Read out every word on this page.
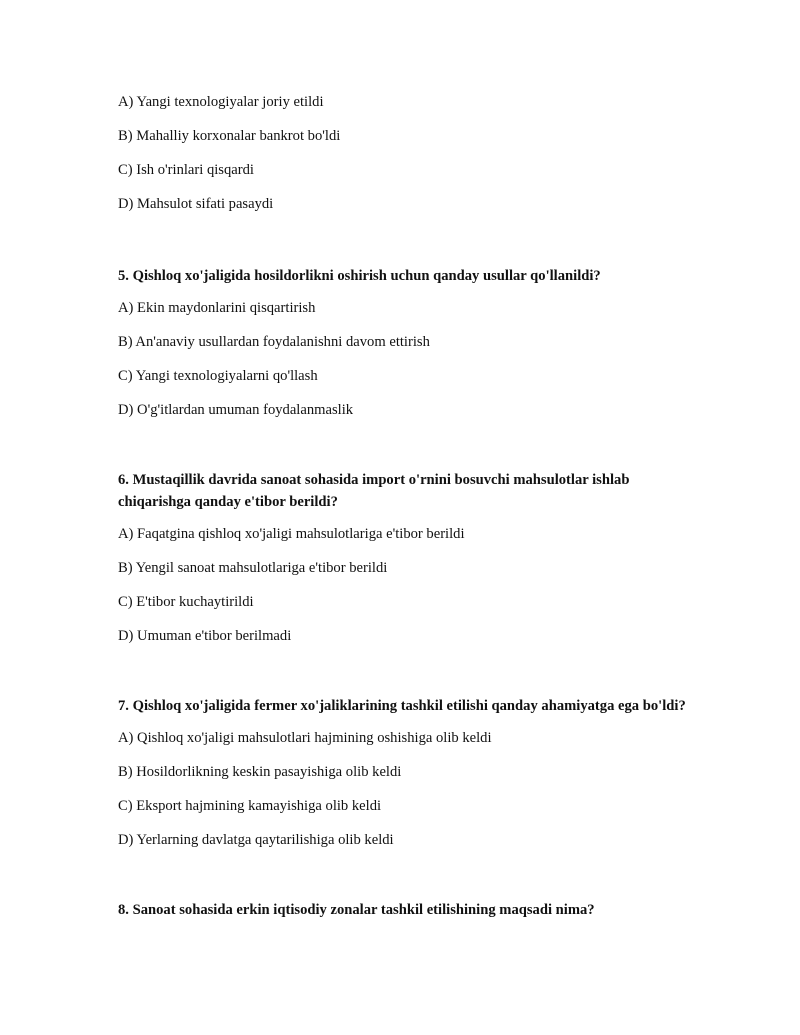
A) Yangi texnologiyalar joriy etildi

B) Mahalliy korxonalar bankrot bo'ldi

C) Ish o'rinlari qisqardi

D) Mahsulot sifati pasaydi

5. Qishloq xo'jaligida hosildorlikni oshirish uchun qanday usullar qo'llanildi?

A) Ekin maydonlarini qisqartirish

B) An'anaviy usullardan foydalanishni davom ettirish

C) Yangi texnologiyalarni qo'llash

D) O'g'itlardan umuman foydalanmaslik

6. Mustaqillik davrida sanoat sohasida import o'rnini bosuvchi mahsulotlar ishlab chiqarishga qanday e'tibor berildi?

A) Faqatgina qishloq xo'jaligi mahsulotlariga e'tibor berildi

B) Yengil sanoat mahsulotlariga e'tibor berildi

C) E'tibor kuchaytirildi

D) Umuman e'tibor berilmadi

7. Qishloq xo'jaligida fermer xo'jaliklarining tashkil etilishi qanday ahamiyatga ega bo'ldi?

A) Qishloq xo'jaligi mahsulotlari hajmining oshishiga olib keldi

B) Hosildorlikning keskin pasayishiga olib keldi

C) Eksport hajmining kamayishiga olib keldi

D) Yerlarning davlatga qaytarilishiga olib keldi

8. Sanoat sohasida erkin iqtisodiy zonalar tashkil etilishining maqsadi nima?
